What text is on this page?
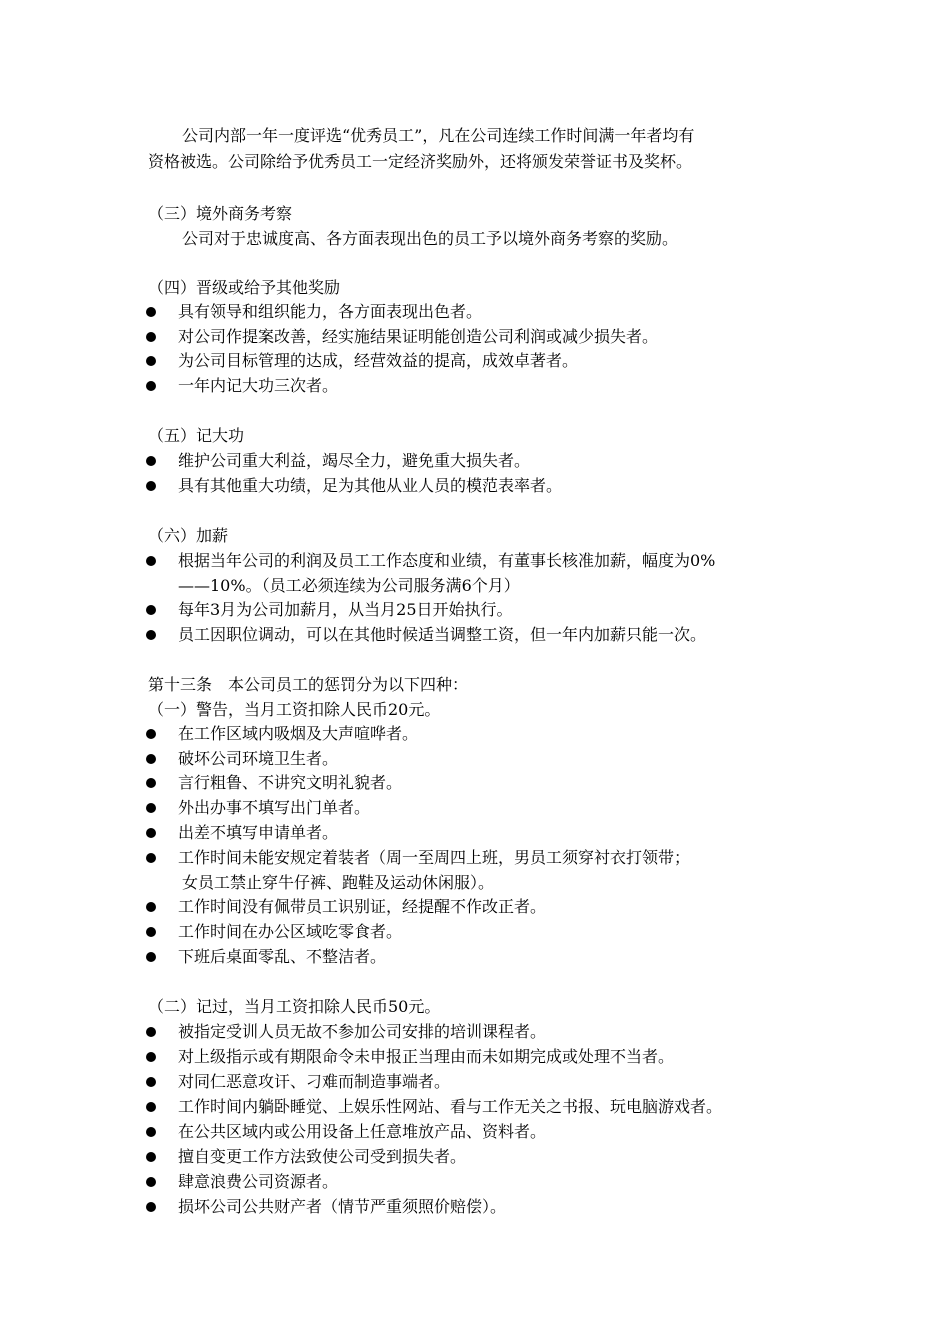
公司内部一年一度评选“优秀员工”，凡在公司连续工作时间满一年者均有
资格被选。公司除给予优秀员工一定经济奖励外，还将颁发荣誉证书及奖杯。
（三）境外商务考察
公司对于忠诚度高、各方面表现出色的员工予以境外商务考察的奖励。
（四）晋级或给予其他奖励
具有领导和组织能力，各方面表现出色者。
对公司作提案改善，经实施结果证明能创造公司利润或减少损失者。
为公司目标管理的达成，经营效益的提高，成效卓著者。
一年内记大功三次者。
（五）记大功
维护公司重大利益，竭尽全力，避免重大损失者。
具有其他重大功绩，足为其他从业人员的模范表率者。
（六）加薪
根据当年公司的利润及员工工作态度和业绩，有董事长核准加薪，幅度为0%
——10%。（员工必须连续为公司服务满6个月）
每年3月为公司加薪月，从当月25日开始执行。
员工因职位调动，可以在其他时候适当调整工资，但一年内加薪只能一次。
第十三条　本公司员工的惩罚分为以下四种：
（一）警告，当月工资扣除人民币20元。
在工作区域内吸烟及大声喧哗者。
破坏公司环境卫生者。
言行粗鲁、不讲究文明礼貌者。
外出办事不填写出门单者。
出差不填写申请单者。
工作时间未能安规定着装者（周一至周四上班，男员工须穿衬衣打领带；
女员工禁止穿牛仔裤、跑鞋及运动休闲服）。
工作时间没有佩带员工识别证，经提醒不作改正者。
工作时间在办公区域吃零食者。
下班后桌面零乱、不整洁者。
（二）记过，当月工资扣除人民币50元。
被指定受训人员无故不参加公司安排的培训课程者。
对上级指示或有期限命令未申报正当理由而未如期完成或处理不当者。
对同仁恶意攻讦、刁难而制造事端者。
工作时间内躺卧睡觉、上娱乐性网站、看与工作无关之书报、玩电脑游戏者。
在公共区域内或公用设备上任意堆放产品、资料者。
擅自变更工作方法致使公司受到损失者。
肆意浪费公司资源者。
损坏公司公共财产者（情节严重须照价赔偿）。
